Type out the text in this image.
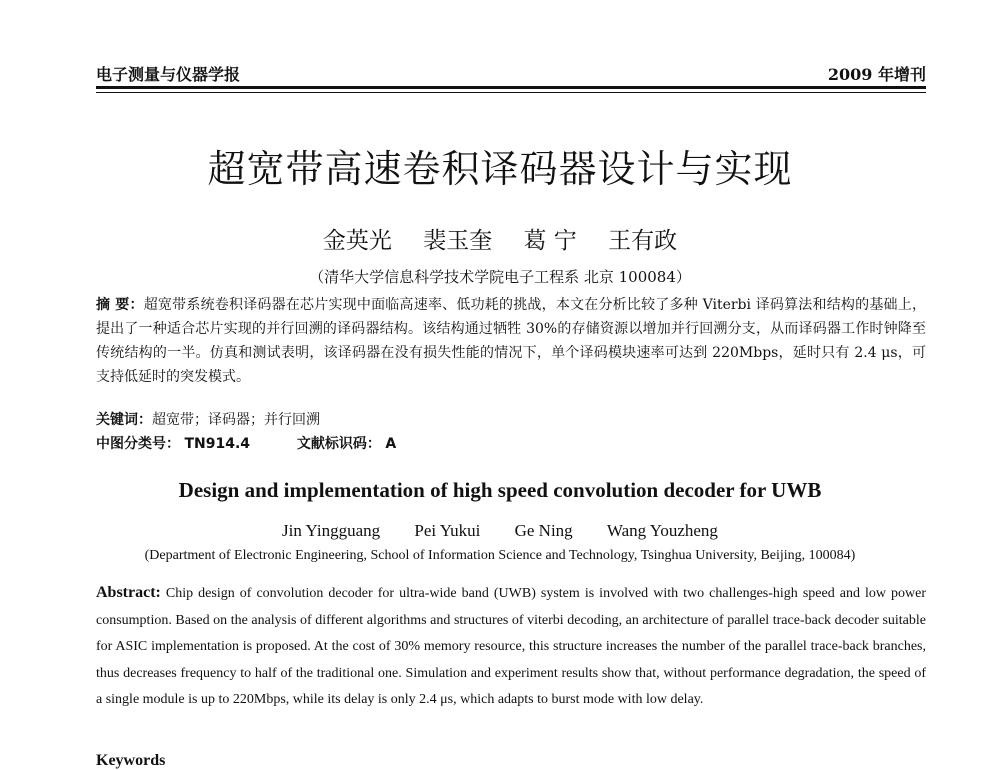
电子测量与仪器学报	2009 年增刊
超宽带高速卷积译码器设计与实现
金英光 裴玉奎 葛 宁 王有政
（清华大学信息科学技术学院电子工程系 北京 100084）
摘 要：超宽带系统卷积译码器在芯片实现中面临高速率、低功耗的挑战，本文在分析比较了多种 Viterbi 译码算法和结构的基础上，提出了一种适合芯片实现的并行回溯的译码器结构。该结构通过牺牲 30%的存储资源以增加并行回溯分支，从而译码器工作时钟降至传统结构的一半。仿真和测试表明，该译码器在没有损失性能的情况下，单个译码模块速率可达到 220Mbps，延时只有 2.4 μs，可支持低延时的突发模式。
关键词：超宽带；译码器；并行回溯
中图分类号： TN914.4	文献标识码： A
Design and implementation of high speed convolution decoder for UWB
Jin Yingguang Pei Yukui Ge Ning Wang Youzheng
(Department of Electronic Engineering, School of Information Science and Technology, Tsinghua University, Beijing, 100084)
Abstract: Chip design of convolution decoder for ultra-wide band (UWB) system is involved with two challenges-high speed and low power consumption. Based on the analysis of different algorithms and structures of viterbi decoding, an architecture of parallel trace-back decoder suitable for ASIC implementation is proposed. At the cost of 30% memory resource, this structure increases the number of the parallel trace-back branches, thus decreases frequency to half of the traditional one. Simulation and experiment results show that, without performance degradation, the speed of a single module is up to 220Mbps, while its delay is only 2.4 μs, which adapts to burst mode with low delay.
Keywords
